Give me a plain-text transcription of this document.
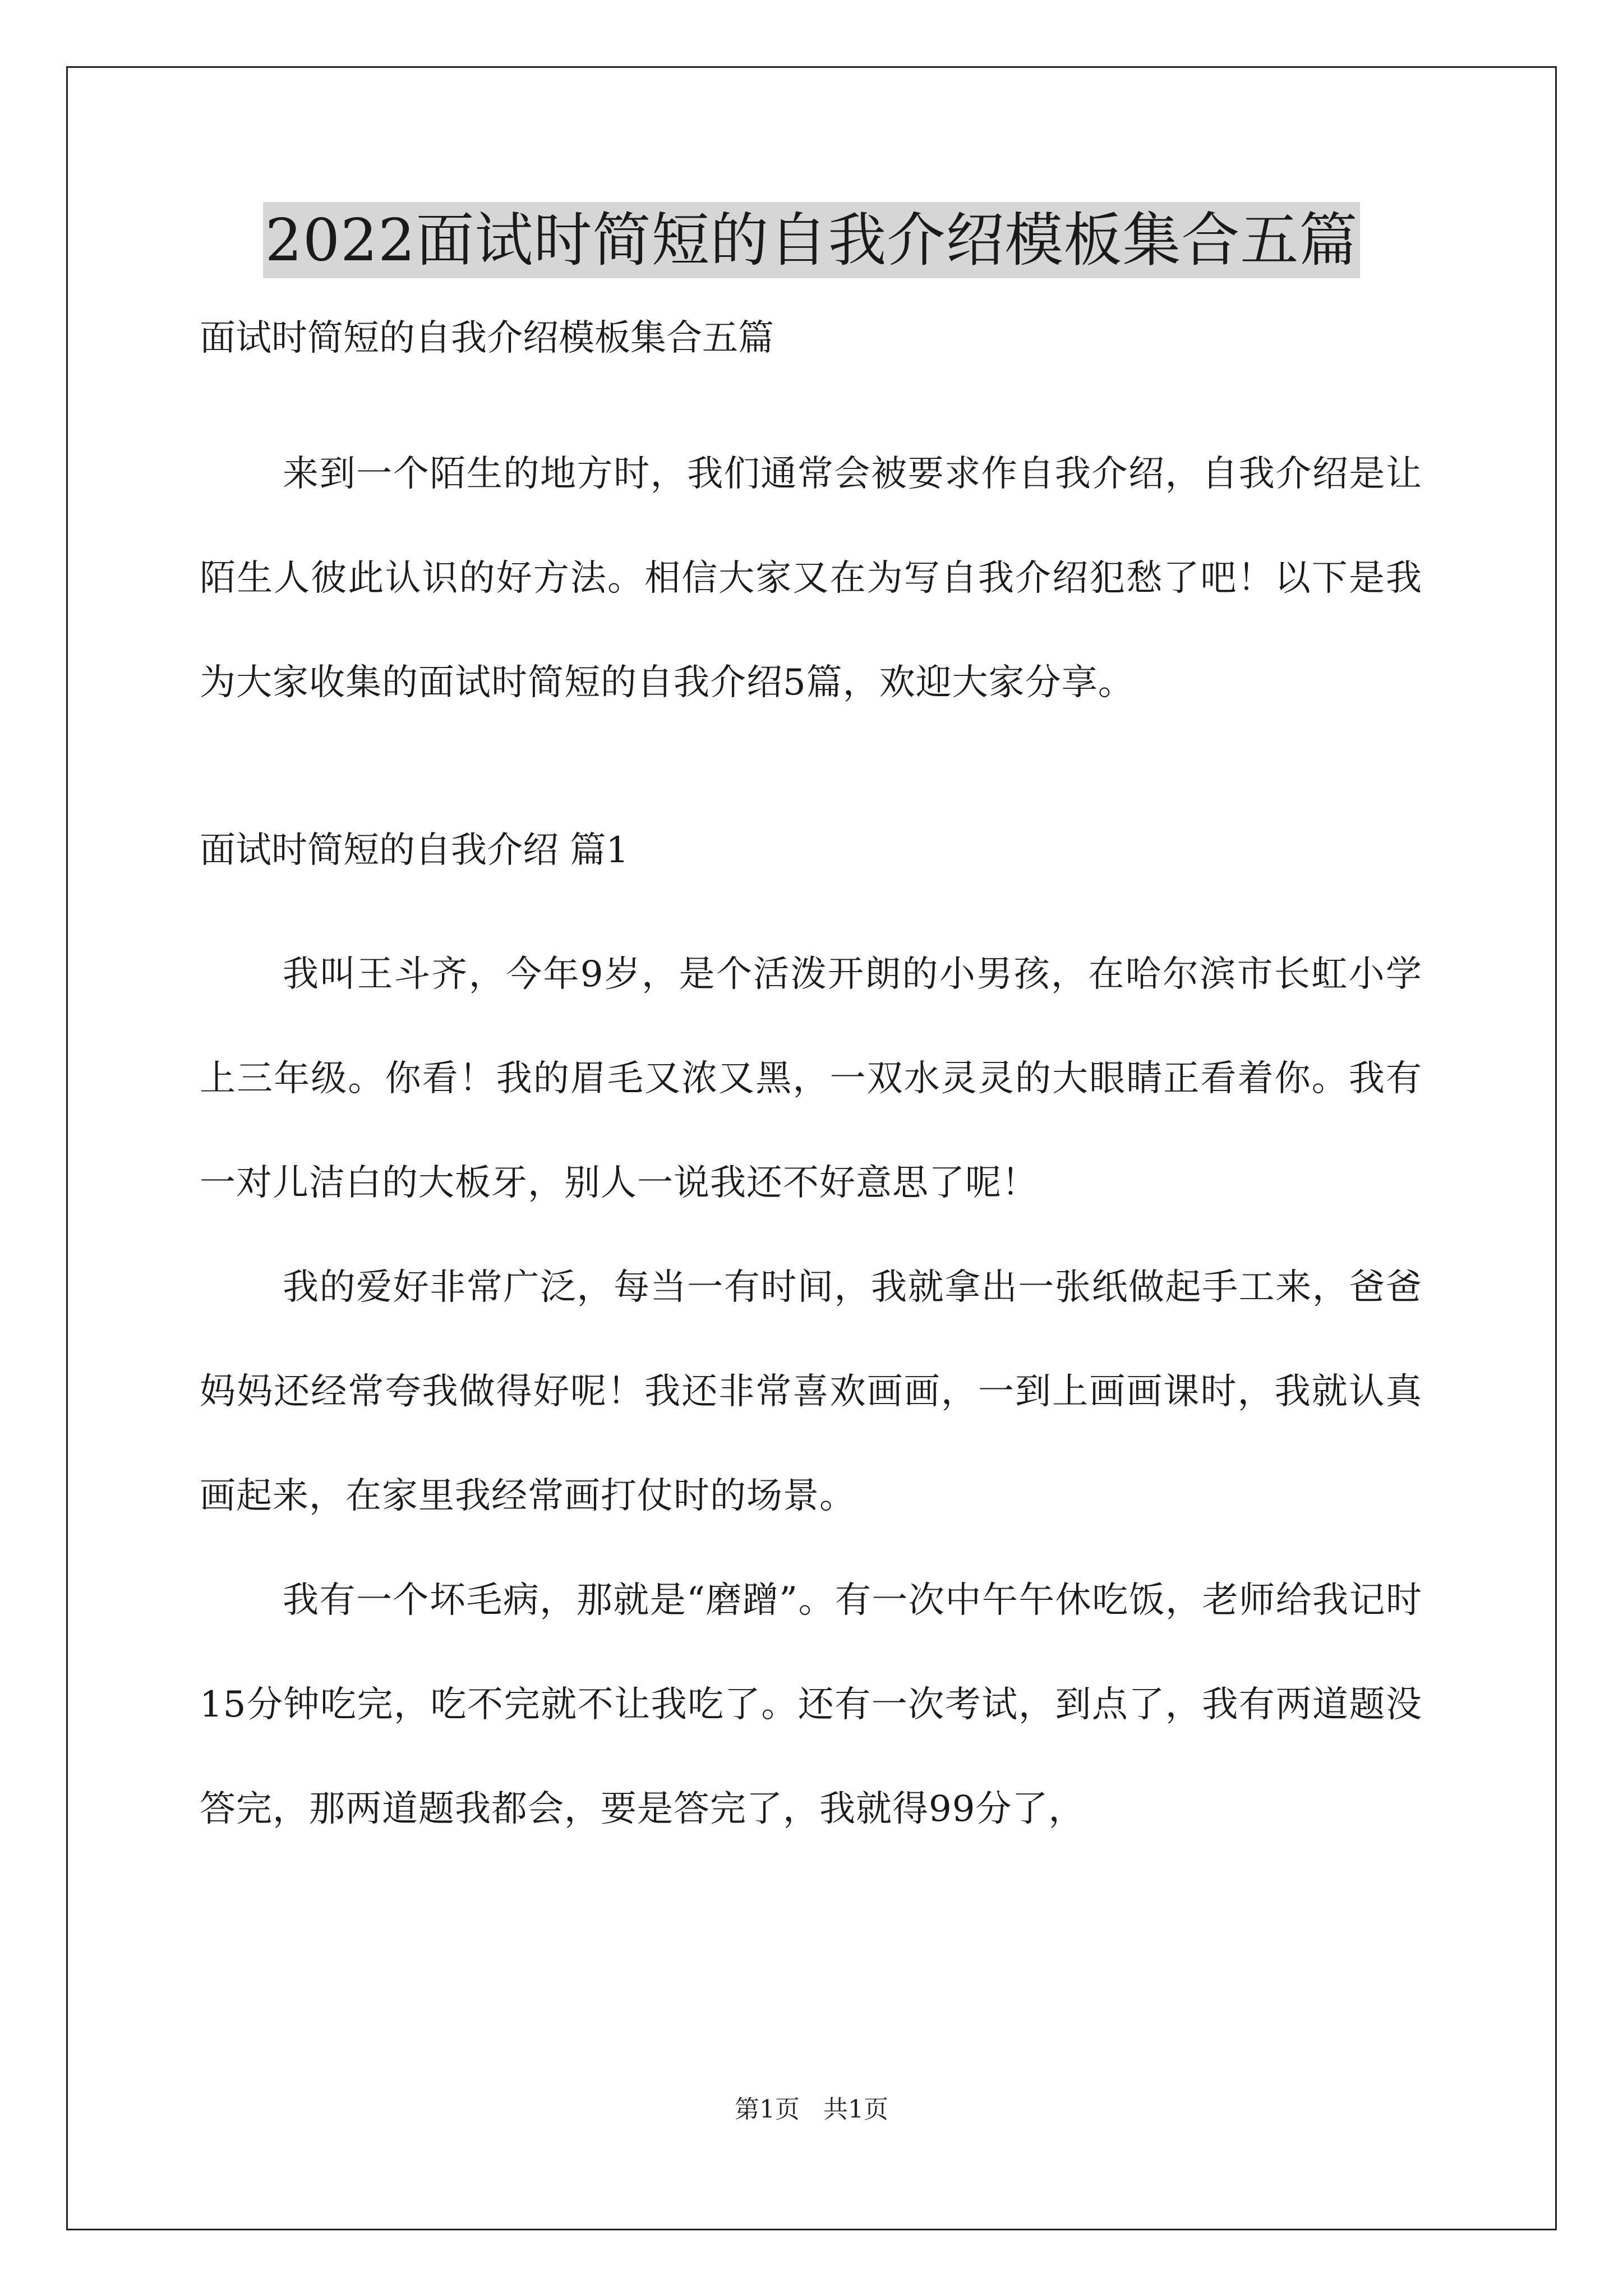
2022面试时简短的自我介绍模板集合五篇

面试时简短的自我介绍模板集合五篇

来到一个陌生的地方时，我们通常会被要求作自我介绍，自我介绍是让陌生人彼此认识的好方法。相信大家又在为写自我介绍犯愁了吧！以下是我为大家收集的面试时简短的自我介绍5篇，欢迎大家分享。

面试时简短的自我介绍 篇1

我叫王斗齐，今年9岁，是个活泼开朗的小男孩，在哈尔滨市长虹小学上三年级。你看！我的眉毛又浓又黑，一双水灵灵的大眼睛正看着你。我有一对儿洁白的大板牙，别人一说我还不好意思了呢！

我的爱好非常广泛，每当一有时间，我就拿出一张纸做起手工来，爸爸妈妈还经常夸我做得好呢！我还非常喜欢画画，一到上画画课时，我就认真画起来，在家里我经常画打仗时的场景。

我有一个坏毛病，那就是“磨蹭”。有一次中午午休吃饭，老师给我记时15分钟吃完，吃不完就不让我吃了。还有一次考试，到点了，我有两道题没答完，那两道题我都会，要是答完了，我就得99分了，

第1页 共1页
